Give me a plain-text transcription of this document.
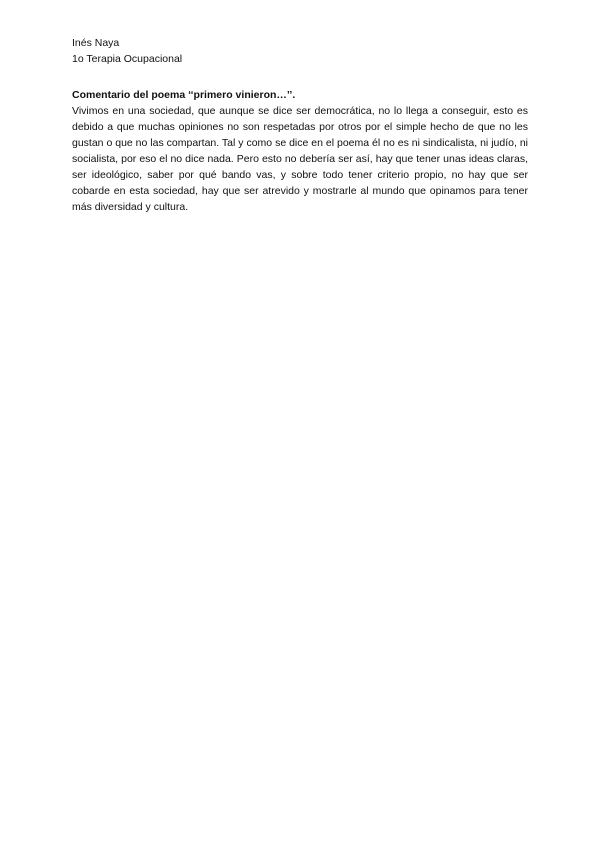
Inés Naya
1o Terapia Ocupacional
Comentario del poema ‘‘primero vinieron…’’.
Vivimos en una sociedad, que aunque se dice ser democrática, no lo llega a conseguir, esto es debido a que muchas opiniones no son respetadas por otros por el simple hecho de que no les gustan o que no las compartan. Tal y como se dice en el poema él no es ni sindicalista, ni judío, ni socialista, por eso el no dice nada. Pero esto no debería ser así, hay que tener unas ideas claras, ser ideológico, saber por qué bando vas, y sobre todo tener criterio propio, no hay que ser cobarde en esta sociedad, hay que ser atrevido y mostrarle al mundo que opinamos para tener más diversidad y cultura.
